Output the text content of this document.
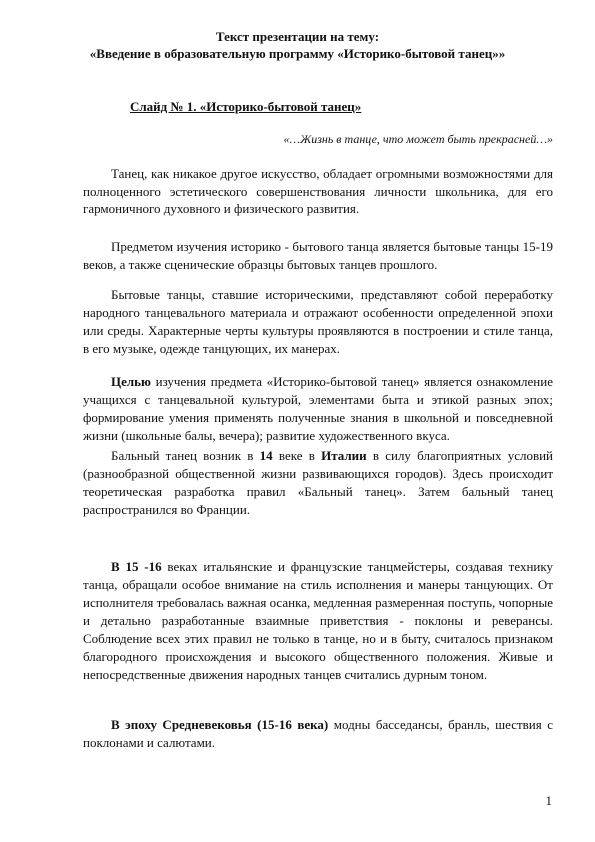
Текст презентации на тему:
«Введение в образовательную программу «Историко-бытовой танец»»
Слайд № 1. «Историко-бытовой танец»
«…Жизнь в танце, что может быть прекрасней…»

Танец, как никакое другое искусство, обладает огромными возможностями для полноценного эстетического совершенствования личности школьника, для его гармоничного духовного и физического развития.

Предметом изучения историко - бытового танца является бытовые танцы 15-19 веков, а также сценические образцы бытовых танцев прошлого.

Бытовые танцы, ставшие историческими, представляют собой переработку народного танцевального материала и отражают особенности определенной эпохи или среды. Характерные черты культуры проявляются в построении и стиле танца, в его музыке, одежде танцующих, их манерах.

Целью изучения предмета «Историко-бытовой танец» является ознакомление учащихся с танцевальной культурой, элементами быта и этикой разных эпох; формирование умения применять полученные знания в школьной и повседневной жизни (школьные балы, вечера); развитие художественного вкуса.

Бальный танец возник в 14 веке в Италии в силу благоприятных условий (разнообразной общественной жизни развивающихся городов). Здесь происходит теоретическая разработка правил «Бальный танец». Затем бальный танец распространился во Франции.

В 15 -16 веках итальянские и французские танцмейстеры, создавая технику танца, обращали особое внимание на стиль исполнения и манеры танцующих. От исполнителя требовалась важная осанка, медленная размеренная поступь, чопорные и детально разработанные взаимные приветствия - поклоны и реверансы. Соблюдение всех этих правил не только в танце, но и в быту, считалось признаком благородного происхождения и высокого общественного положения. Живые и непосредственные движения народных танцев считались дурным тоном.

В эпоху Средневековья (15-16 века) модны басседанcы, бранль, шествия с поклонами и салютами.

1
